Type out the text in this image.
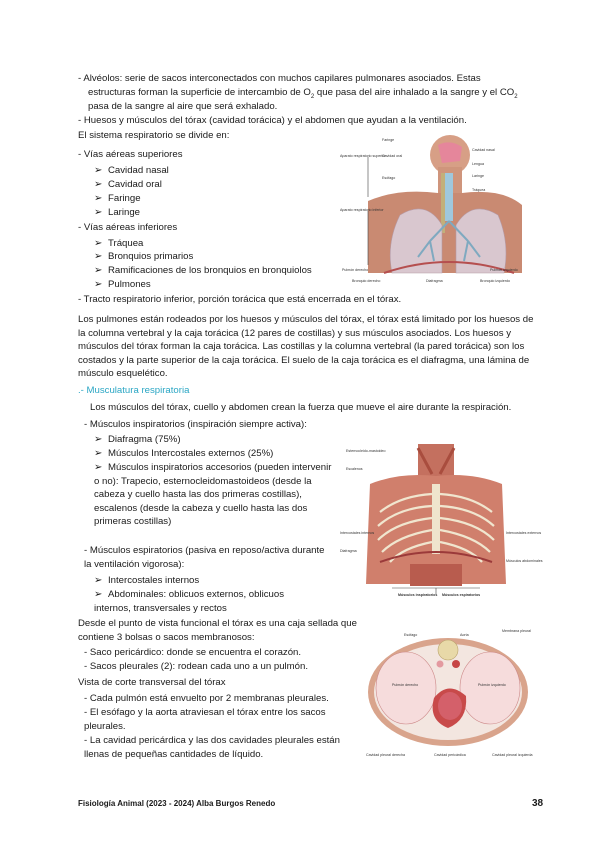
- Alvéolos: serie de sacos interconectados con muchos capilares pulmonares asociados. Estas
estructuras forman la superficie de intercambio de $O_2$ que pasa del aire inhalado a la sangre y el $CO_2$
pasa de la sangre al aire que será exhalado.
- Huesos y músculos del tórax (cavidad torácica) y el abdomen que ayudan a la ventilación.
El sistema respiratorio se divide en:
- Vías aéreas superiores
➢ Cavidad nasal
➢ Cavidad oral
➢ Faringe
➢ Laringe
- Vías aéreas inferiores
➢ Tráquea
➢ Bronquios primarios
➢ Ramificaciones de los bronquios en bronquiolos
➢ Pulmones
- Tracto respiratorio inferior, porción torácica que está encerrada en el tórax.
Los pulmones están rodeados por los huesos y músculos del tórax, el tórax está limitado por los huesos de la columna vertebral y la caja torácica (12 pares de costillas) y sus músculos asociados. Los huesos y músculos del tórax forman la caja torácica. Las costillas y la columna vertebral (la pared torácica) son los costados y la parte superior de la caja torácica. El suelo de la caja torácica es el diafragma, una lámina de músculo esquelético.
.- Musculatura respiratoria
Los músculos del tórax, cuello y abdomen crean la fuerza que mueve el aire durante la respiración.
- Músculos inspiratorios (inspiración siempre activa):
➢ Diafragma (75%)
➢ Músculos Intercostales externos (25%)
➢ Músculos inspiratorios accesorios (pueden intervenir o no): Trapecio, esternocleidomastoideos (desde la cabeza y cuello hasta las dos primeras costillas), escalenos (desde la cabeza y cuello hasta las dos primeras costillas)
- Músculos espiratorios (pasiva en reposo/activa durante la ventilación vigorosa):
➢ Intercostales internos
➢ Abdominales: oblicuos externos, oblicuos internos, transversales y rectos
Desde el punto de vista funcional el tórax es una caja sellada que contiene 3 bolsas o sacos membranosos:
- Saco pericárdico: donde se encuentra el corazón.
- Sacos pleurales (2): rodean cada uno a un pulmón.
Vista de corte transversal del tórax
- Cada pulmón está envuelto por 2 membranas pleurales.
- El esófago y la aorta atraviesan el tórax entre los sacos pleurales.
- La cavidad pericárdica y las dos cavidades pleurales están llenas de pequeñas cantidades de líquido.
Aparato respiratorio superior
Aparato respiratorio inferior
Faringe
Cavidad oral
Esófago
Cavidad nasal
Lengua
Laringe
Tráquea
Pulmón derecho	Pulmón izquierdo
Bronquio derecho	Diafragma	Bronquio izquierdo
Esternocleido-mastoideo
Escalenos
Intercostales internos
Diafragma
Intercostales externos
Músculos abdominales
Músculos inspiratorios Músculos espiratorios
Esófago	Aorta
Membrana pleural
Pulmón derecho	Pulmón izquierdo
Cavidad pleural derecha	Cavidad pericárdica	Cavidad pleural izquierda
Fisiología Animal (2023 - 2024) Alba Burgos Renedo	38
